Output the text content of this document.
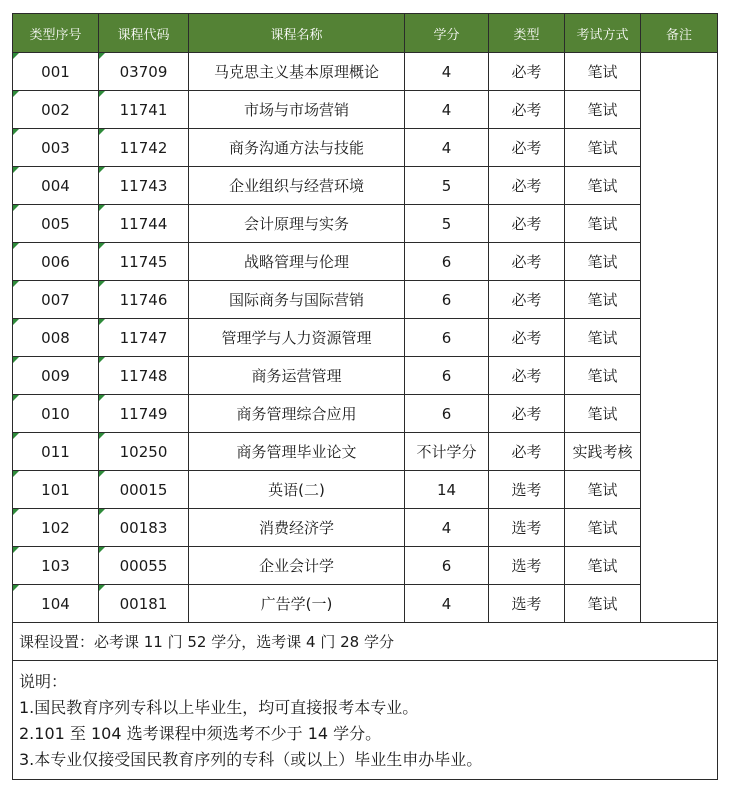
类型序号	课程代码	课程名称	学分	类型	考试方式	备注
001	03709	马克思主义基本原理概论	4	必考	笔试	
002	11741	市场与市场营销	4	必考	笔试	
003	11742	商务沟通方法与技能	4	必考	笔试	
004	11743	企业组织与经营环境	5	必考	笔试	
005	11744	会计原理与实务	5	必考	笔试	
006	11745	战略管理与伦理	6	必考	笔试	
007	11746	国际商务与国际营销	6	必考	笔试	
008	11747	管理学与人力资源管理	6	必考	笔试	
009	11748	商务运营管理	6	必考	笔试	
010	11749	商务管理综合应用	6	必考	笔试	
011	10250	商务管理毕业论文	不计学分	必考	实践考核	
101	00015	英语(二)	14	选考	笔试	
102	00183	消费经济学	4	选考	笔试	
103	00055	企业会计学	6	选考	笔试	
104	00181	广告学(一)	4	选考	笔试	
课程设置：必考课 11 门 52 学分，选考课 4 门 28 学分						

说明：
1.国民教育序列专科以上毕业生，均可直接报考本专业。
2.101 至 104 选考课程中须选考不少于 14 学分。
3.本专业仅接受国民教育序列的专科（或以上）毕业生申办毕业。						
